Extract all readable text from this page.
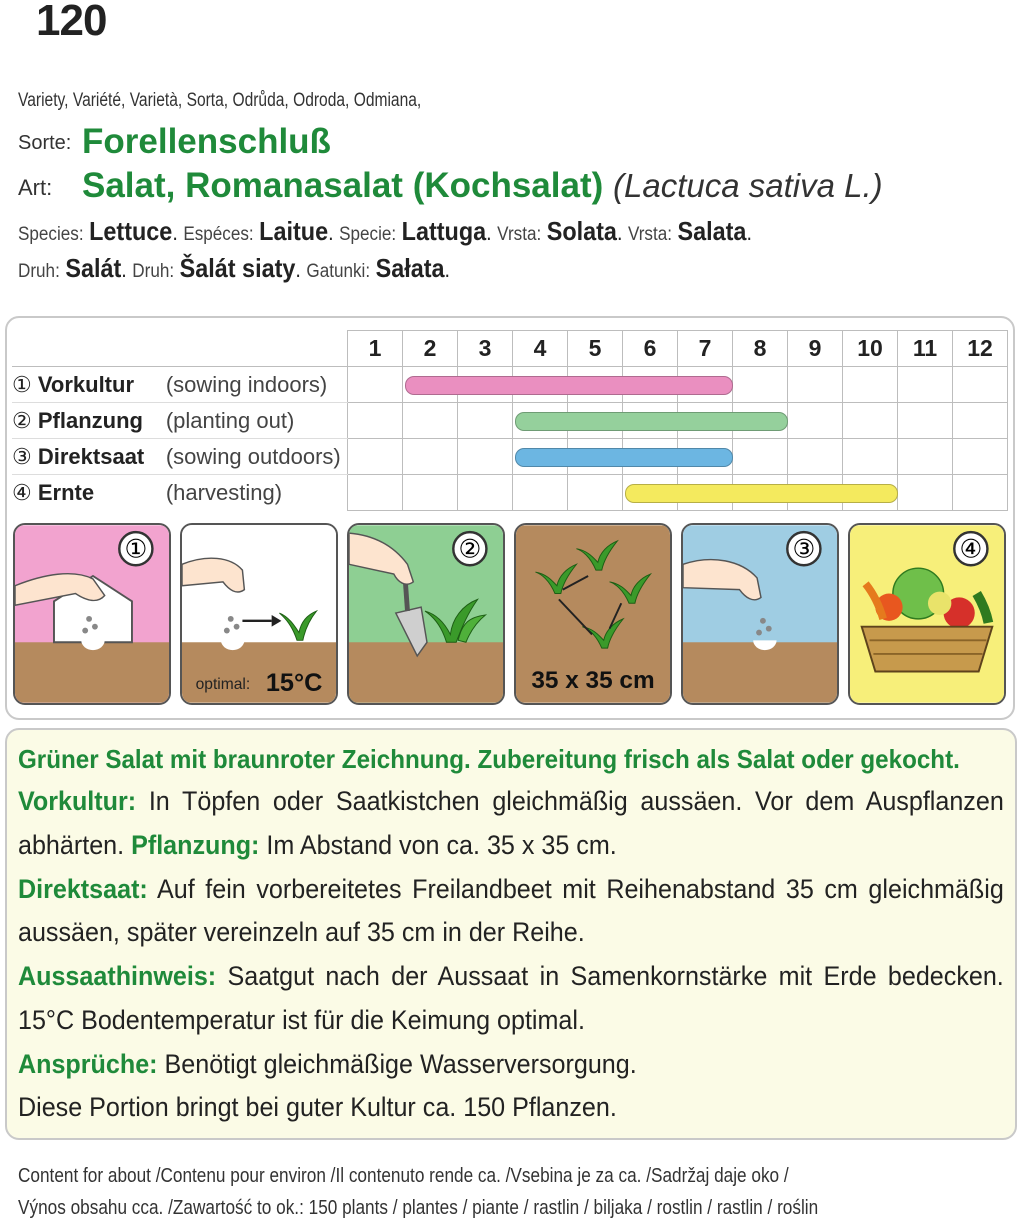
120
Variety, Variété, Varietà, Sorta, Odrůda, Odroda, Odmiana,
Sorte: Forellenschluß
Art: Salat, Romanasalat (Kochsalat) (Lactuca sativa L.)
Species: Lettuce. Espéces: Laitue. Specie: Lattuga. Vrsta: Solata. Vrsta: Salata.
Druh: Salát. Druh: Šalát siaty. Gatunki: Sałata.
	1	2	3	4	5	6	7	8	9	10	11	12
① Vorkultur (sowing indoors)												
② Pflanzung (planting out)												
③ Direktsaat (sowing outdoors)												
④ Ernte (harvesting)												
①
optimal: 15°C
②
35 x 35 cm
③	④

Grüner Salat mit braunroter Zeichnung. Zubereitung frisch als Salat oder gekocht.

Vorkultur: In Töpfen oder Saatkistchen gleichmäßig aussäen. Vor dem Auspflanzen abhärten. Pflanzung: Im Abstand von ca. 35 x 35 cm.

Direktsaat: Auf fein vorbereitetes Freilandbeet mit Reihenabstand 35 cm gleichmäßig aussäen, später vereinzeln auf 35 cm in der Reihe.

Aussaathinweis: Saatgut nach der Aussaat in Samenkornstärke mit Erde bedecken. 15°C Bodentemperatur ist für die Keimung optimal.

Ansprüche: Benötigt gleichmäßige Wasserversorgung.

Diese Portion bringt bei guter Kultur ca. 150 Pflanzen.

Content for about /Contenu pour environ /Il contenuto rende ca. /Vsebina je za ca. /Sadržaj daje oko /
Výnos obsahu cca. /Zawartość to ok.: 150 plants / plantes / piante / rastlin / biljaka / rostlin / rastlin / roślin
